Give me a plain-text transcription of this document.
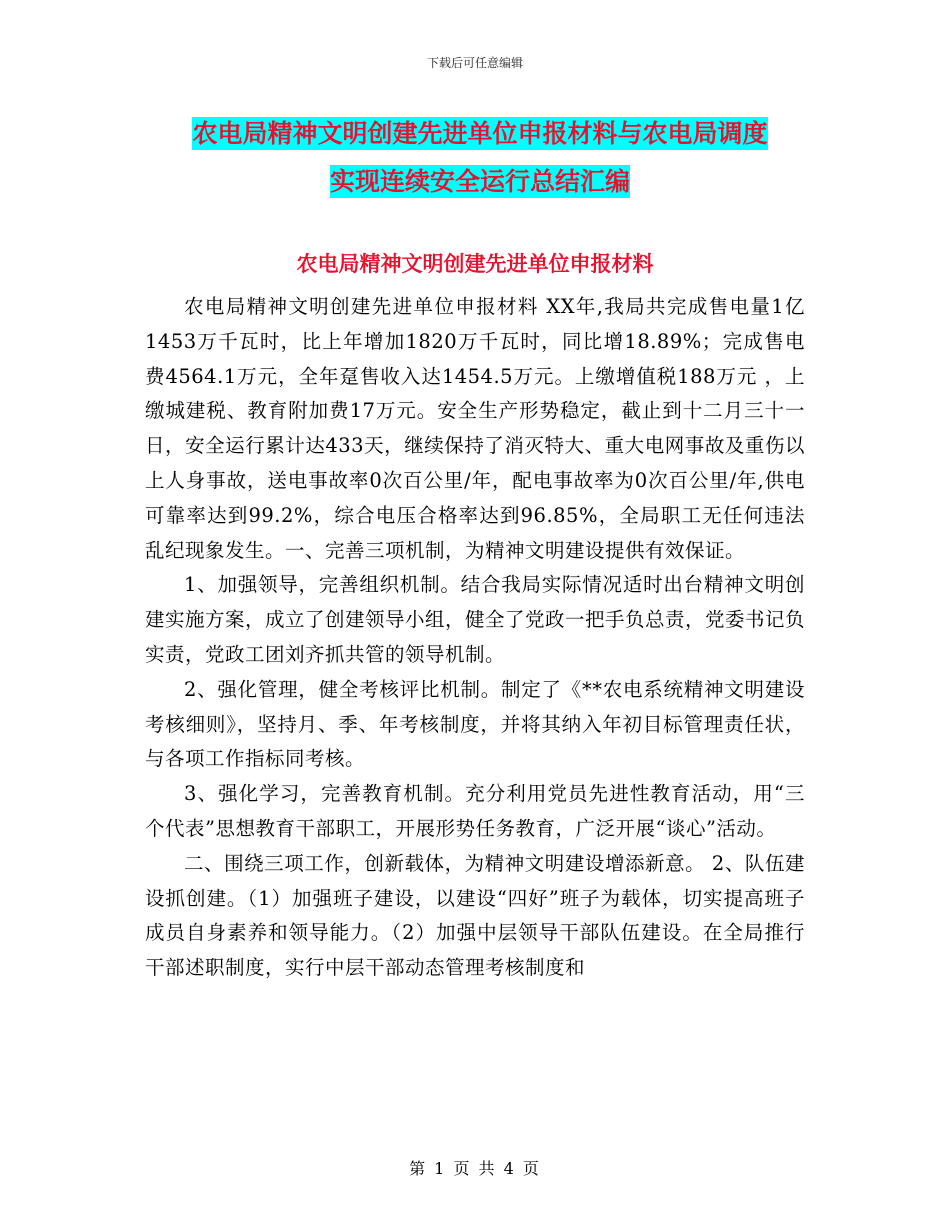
下载后可任意编辑
农电局精神文明创建先进单位申报材料与农电局调度
实现连续安全运行总结汇编
农电局精神文明创建先进单位申报材料

农电局精神文明创建先进单位申报材料 XX年,我局共完成售电量1亿1453万千瓦时，比上年增加1820万千瓦时，同比增18.89%；完成售电费4564.1万元，全年趸售收入达1454.5万元。上缴增值税188万元 ，上缴城建税、教育附加费17万元。安全生产形势稳定，截止到十二月三十一日，安全运行累计达433天，继续保持了消灭特大、重大电网事故及重伤以上人身事故，送电事故率0次百公里/年，配电事故率为0次百公里/年,供电可靠率达到99.2%，综合电压合格率达到96.85%，全局职工无任何违法乱纪现象发生。一、完善三项机制，为精神文明建设提供有效保证。

1、加强领导，完善组织机制。结合我局实际情况适时出台精神文明创建实施方案，成立了创建领导小组，健全了党政一把手负总责，党委书记负实责，党政工团刘齐抓共管的领导机制。

2、强化管理，健全考核评比机制。制定了《**农电系统精神文明建设考核细则》，坚持月、季、年考核制度，并将其纳入年初目标管理责任状，与各项工作指标同考核。

3、强化学习，完善教育机制。充分利用党员先进性教育活动，用“三个代表”思想教育干部职工，开展形势任务教育，广泛开展“谈心”活动。

二、围绕三项工作，创新载体，为精神文明建设增添新意。 2、队伍建设抓创建。（1）加强班子建设，以建设“四好”班子为载体，切实提高班子成员自身素养和领导能力。（2）加强中层领导干部队伍建设。在全局推行干部述职制度，实行中层干部动态管理考核制度和

第 1 页 共 4 页
